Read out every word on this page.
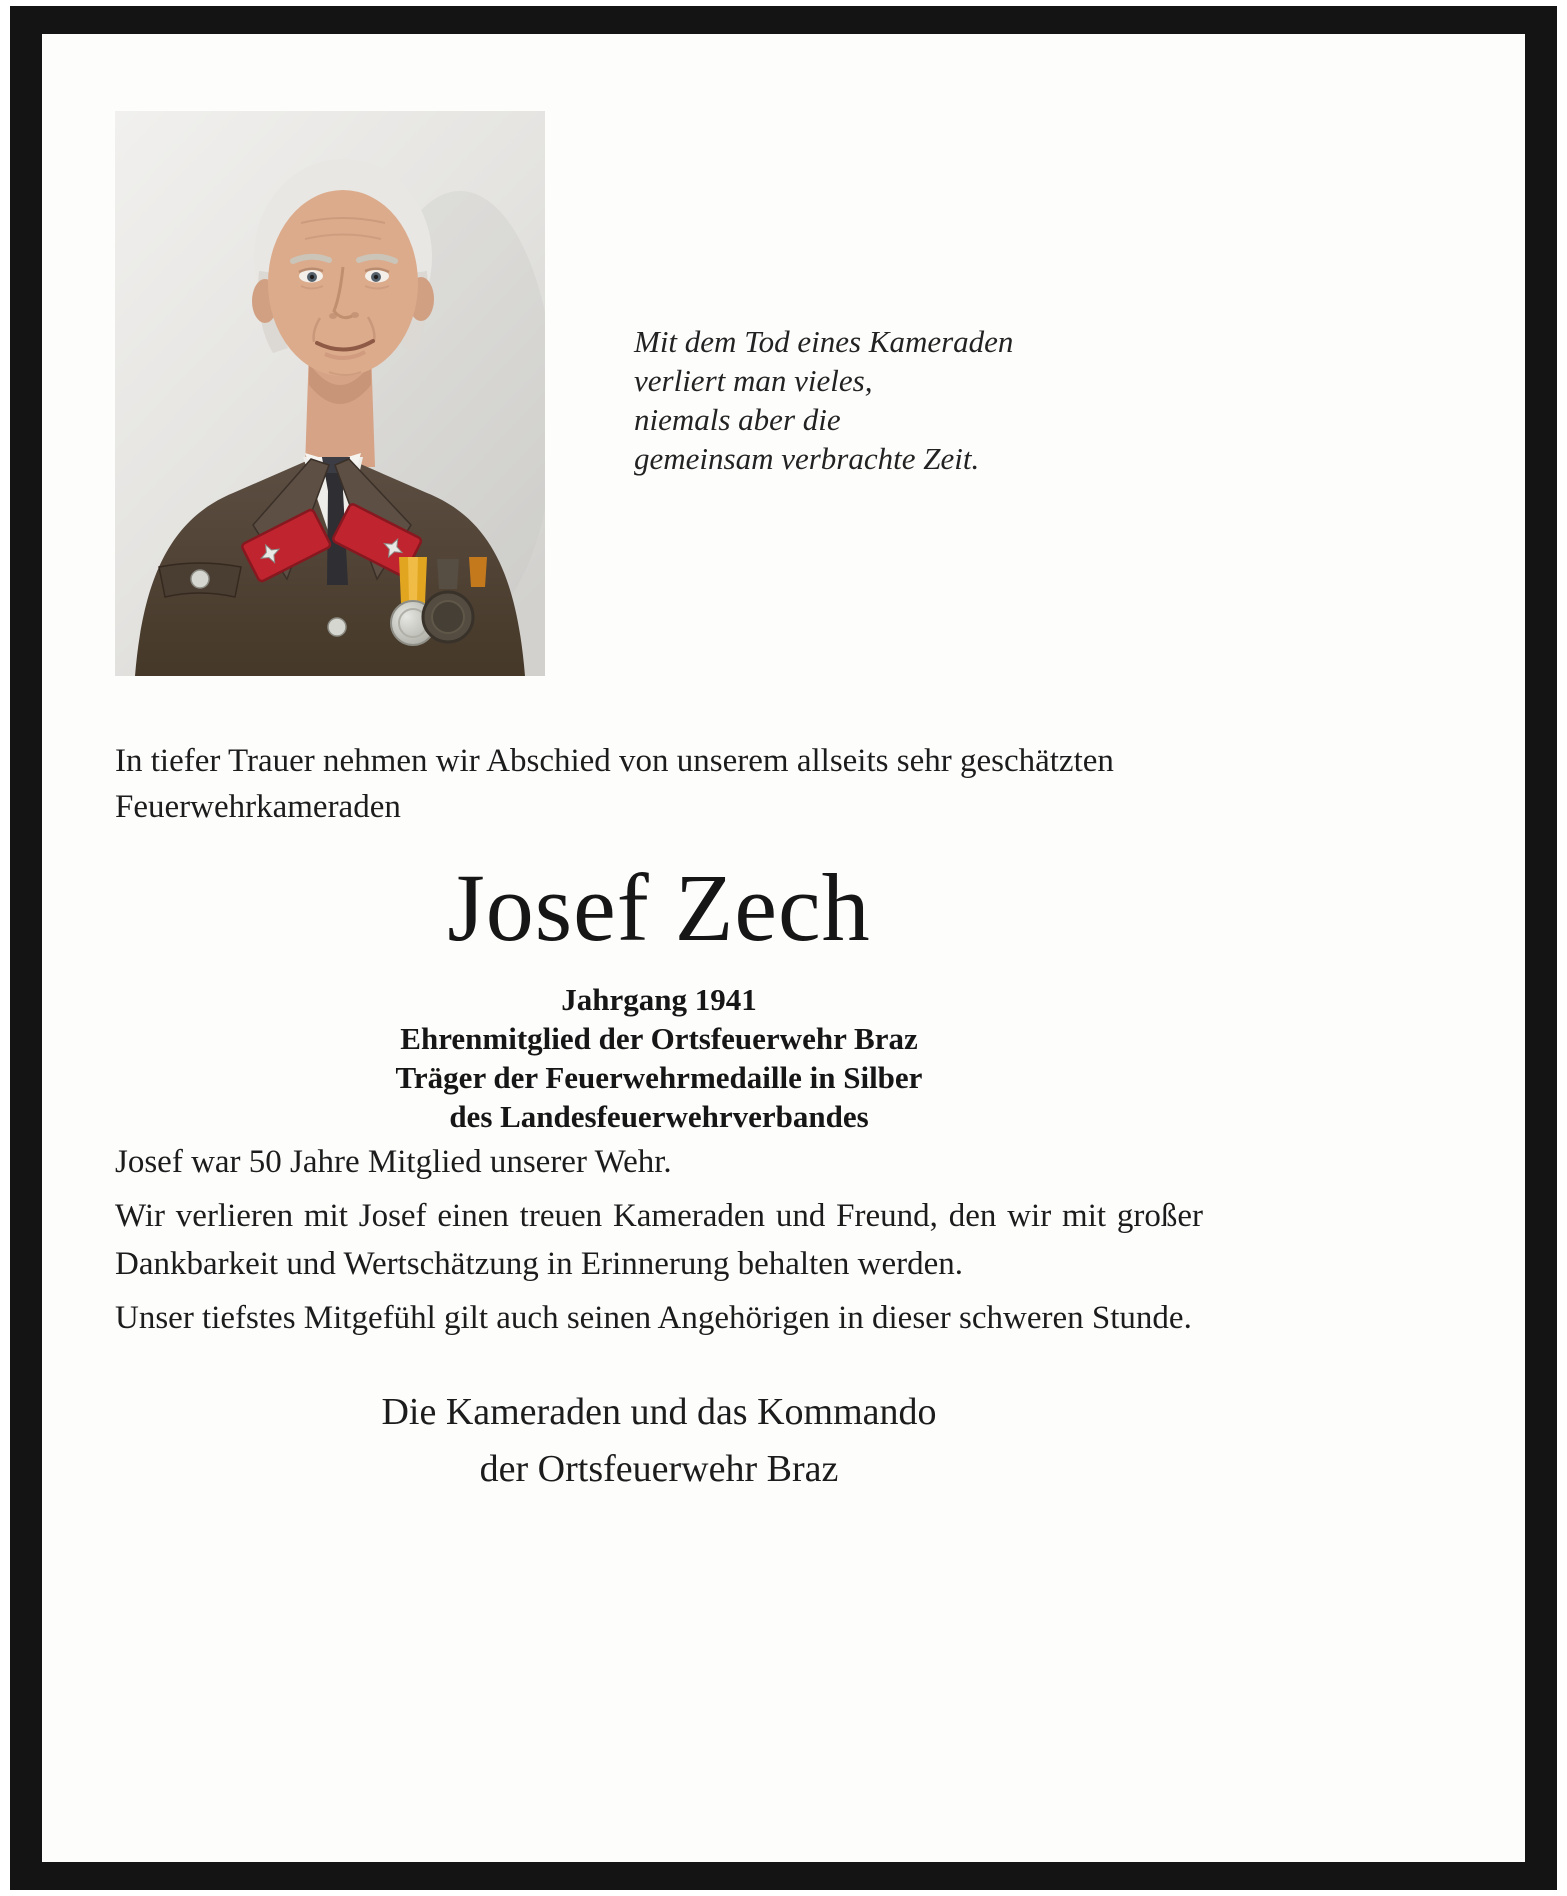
Mit dem Tod eines Kameraden
verliert man vieles,
niemals aber die
gemeinsam verbrachte Zeit.
In tiefer Trauer nehmen wir Abschied von unserem allseits sehr geschätzten Feuerwehrkameraden
Josef Zech
Jahrgang 1941
Ehrenmitglied der Ortsfeuerwehr Braz
Träger der Feuerwehrmedaille in Silber
des Landesfeuerwehrverbandes

Josef war 50 Jahre Mitglied unserer Wehr.

Wir verlieren mit Josef einen treuen Kameraden und Freund, den wir mit großer Dankbarkeit und Wertschätzung in Erinnerung behalten werden.

Unser tiefstes Mitgefühl gilt auch seinen Angehörigen in dieser schweren Stunde.

Die Kameraden und das Kommando
der Ortsfeuerwehr Braz
